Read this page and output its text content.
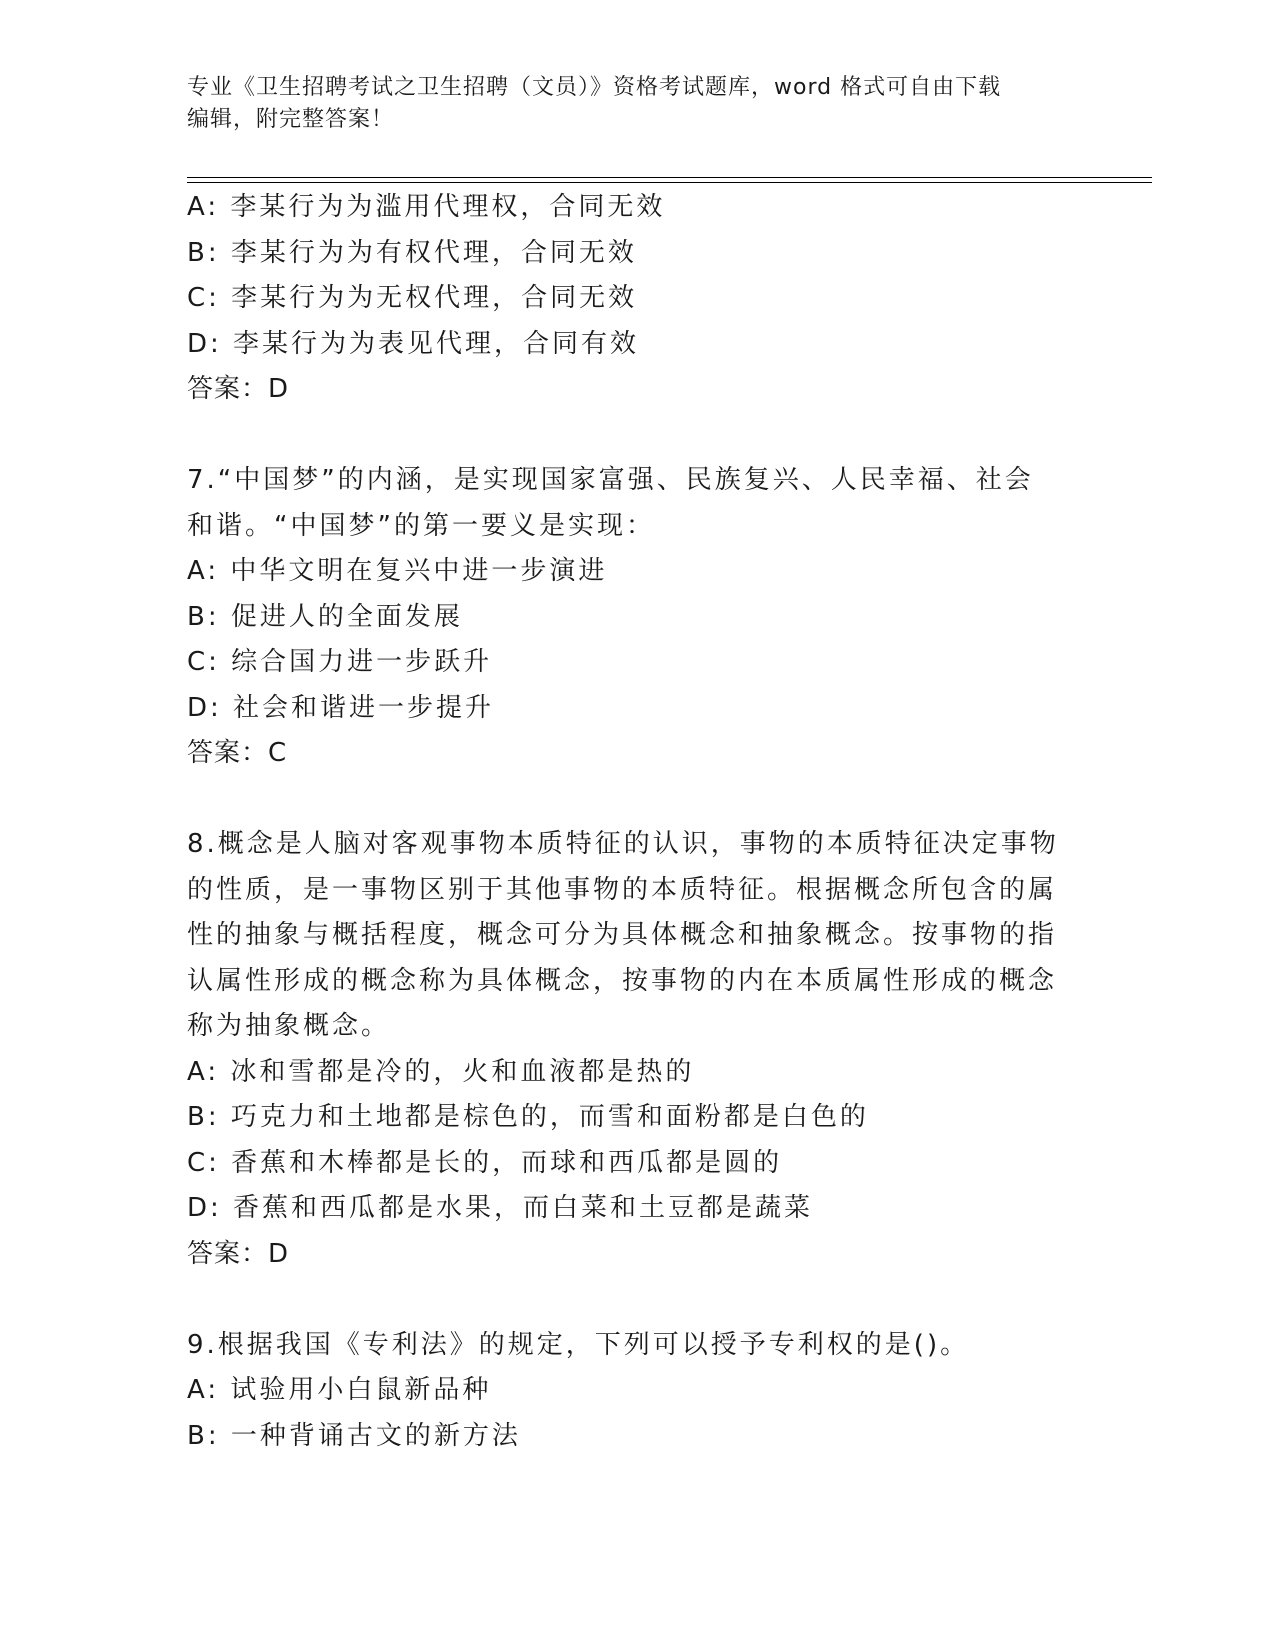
专业《卫生招聘考试之卫生招聘（文员）》资格考试题库，word 格式可自由下载
编辑，附完整答案！
A: 李某行为为滥用代理权，合同无效
B: 李某行为为有权代理，合同无效
C: 李某行为为无权代理，合同无效
D: 李某行为为表见代理，合同有效
答案：D
7.“中国梦”的内涵，是实现国家富强、民族复兴、人民幸福、社会
和谐。“中国梦”的第一要义是实现：
A: 中华文明在复兴中进一步演进
B: 促进人的全面发展
C: 综合国力进一步跃升
D: 社会和谐进一步提升
答案：C
8.概念是人脑对客观事物本质特征的认识，事物的本质特征决定事物
的性质，是一事物区别于其他事物的本质特征。根据概念所包含的属
性的抽象与概括程度，概念可分为具体概念和抽象概念。按事物的指
认属性形成的概念称为具体概念，按事物的内在本质属性形成的概念
称为抽象概念。
A: 冰和雪都是冷的，火和血液都是热的
B: 巧克力和土地都是棕色的，而雪和面粉都是白色的
C: 香蕉和木棒都是长的，而球和西瓜都是圆的
D: 香蕉和西瓜都是水果，而白菜和土豆都是蔬菜
答案：D
9.根据我国《专利法》的规定，下列可以授予专利权的是()。
A: 试验用小白鼠新品种
B: 一种背诵古文的新方法
